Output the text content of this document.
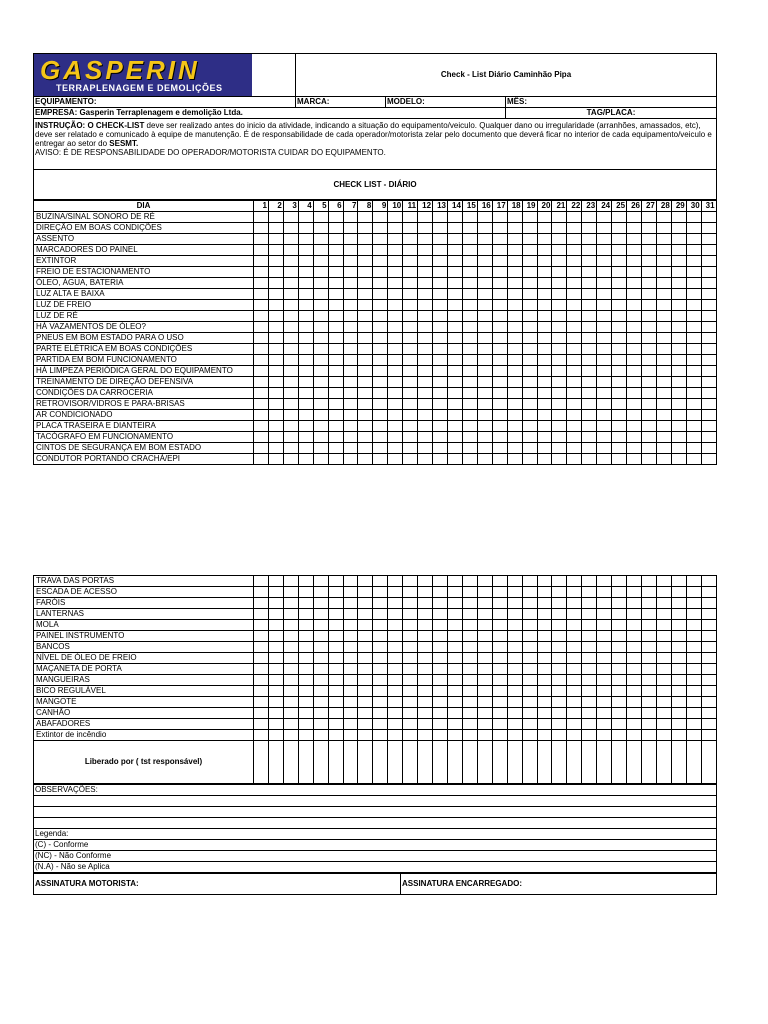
GASPERIN
TERRAPLENAGEM E DEMOLIÇÕES	Check - List Diário Caminhão Pipa		
EQUIPAMENTO:	MARCA:	MODELO:	MÊS:
EMPRESA: Gasperin Terraplenagem e demolição Ltda.			TAG/PLACA:
INSTRUÇÃO: O CHECK-LIST deve ser realizado antes do inicio da atividade, indicando a situação do equipamento/veiculo. Qualquer dano ou irregularidade (arranhões, amassados, etc), deve ser relatado e comunicado à equipe de manutenção. É de responsabilidade de cada operador/motorista zelar pelo documento que deverá ficar no interior de cada equipamento/veiculo e entregar ao setor do SESMT.
AVISO: É DE RESPONSABILIDADE DO OPERADOR/MOTORISTA CUIDAR DO EQUIPAMENTO.			
CHECK LIST - DIÁRIO			
DIA	1	2	3	4	5	6	7	8	9	10	11	12	13	14	15	16	17	18	19	20	21	22	23	24	25	26	27	28	29	30	31
BUZINA/SINAL SONORO DE RÉ																															
DIREÇÃO EM BOAS CONDIÇÕES																															
ASSENTO																															
MARCADORES DO PAINEL																															
EXTINTOR																															
FREIO DE ESTACIONAMENTO																															
ÓLEO, ÁGUA, BATERIA																															
LUZ ALTA E BAIXA																															
LUZ DE FREIO																															
LUZ DE RÉ																															
HÁ VAZAMENTOS DE ÓLEO?																															
PNEUS EM BOM ESTADO PARA O USO																															
PARTE ELÉTRICA EM BOAS CONDIÇÕES																															
PARTIDA EM BOM FUNCIONAMENTO																															
HÁ LIMPEZA PERIÓDICA GERAL DO EQUIPAMENTO																															
TREINAMENTO DE DIREÇÃO DEFENSIVA																															
CONDIÇÕES DA CARROCERIA																															
RETROVISOR/VIDROS E PARA-BRISAS																															
AR CONDICIONADO																															
PLACA TRASEIRA E DIANTEIRA																															
TACÓGRAFO EM FUNCIONAMENTO																															
CINTOS DE SEGURANÇA EM BOM ESTADO																															
CONDUTOR PORTANDO CRACHÁ/EPI																															
TRAVA DAS PORTAS																															
ESCADA DE ACESSO																															
FARÓIS																															
LANTERNAS																															
MOLA																															
PAINEL INSTRUMENTO																															
BANCOS																															
NÍVEL DE ÓLEO DE FREIO																															
MAÇANETA DE PORTA																															
MANGUEIRAS																															
BICO REGULÁVEL																															
MANGOTE																															
CANHÃO																															
ABAFADORES																															
Extintor de incêndio																															
Liberado por ( tst responsável)																															
OBSERVAÇÕES:

Legenda:
(C) - Conforme
(NC) - Não Conforme
(N.A) - Não se Aplica
ASSINATURA MOTORISTA:	ASSINATURA ENCARREGADO:
